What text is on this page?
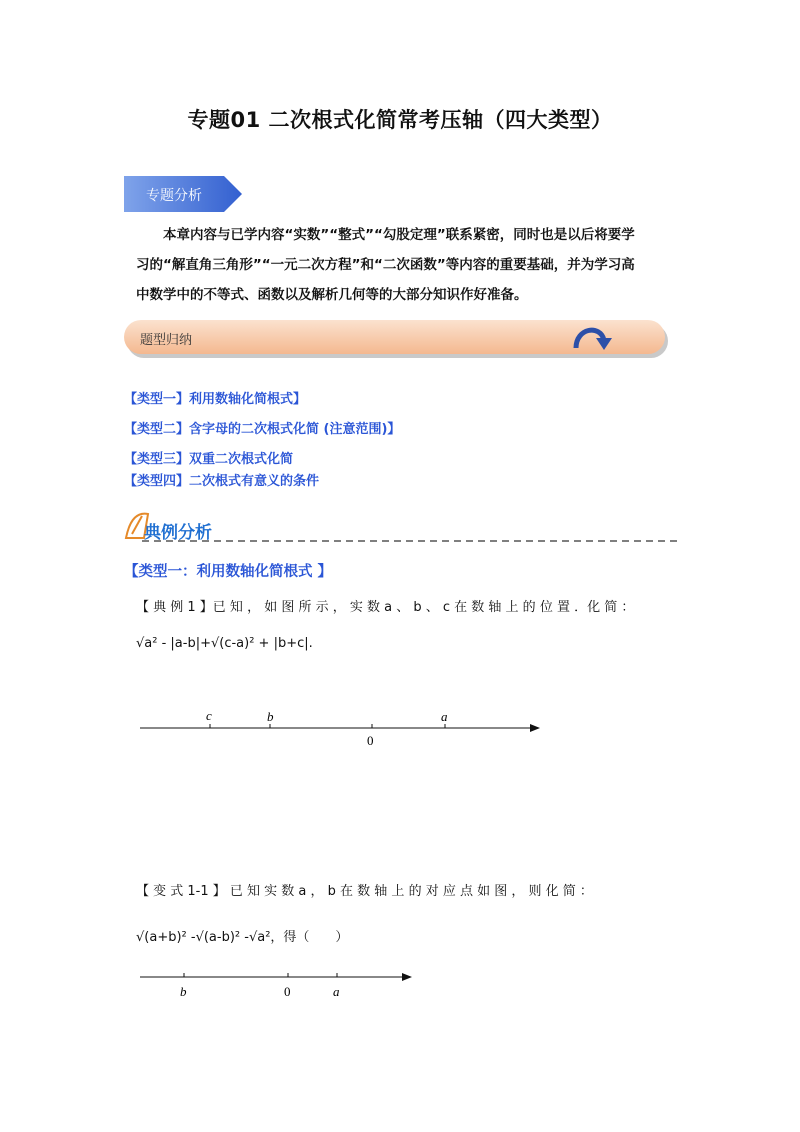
专题01 二次根式化简常考压轴（四大类型）
专题分析

本章内容与已学内容“实数”“整式”“勾股定理”联系紧密，同时也是以后将要学

习的“解直角三角形”“一元二次方程”和“二次函数”等内容的重要基础，并为学习高

中数学中的不等式、函数以及解析几何等的大部分知识作好准备。

题型归纳
【类型一】利用数轴化简根式】
【类型二】含字母的二次根式化简 (注意范围)】
【类型三】双重二次根式化简
【类型四】二次根式有意义的条件
典例分析
【类型一：利用数轴化简根式 】
【 典 例 1 】已 知 ， 如 图 所 示 ， 实 数 a 、 b 、 c 在 数 轴 上 的 位 置 ．化 简 ：
√a² - |a-b|+√(c-a)² + |b+c|.
c	b	a
0
【 变 式 1-1 】 已 知 实 数 a ， b 在 数 轴 上 的 对 应 点 如 图 ， 则 化 简 ：
√(a+b)² -√(a-b)² -√a²，得（　　）
b	0	a
